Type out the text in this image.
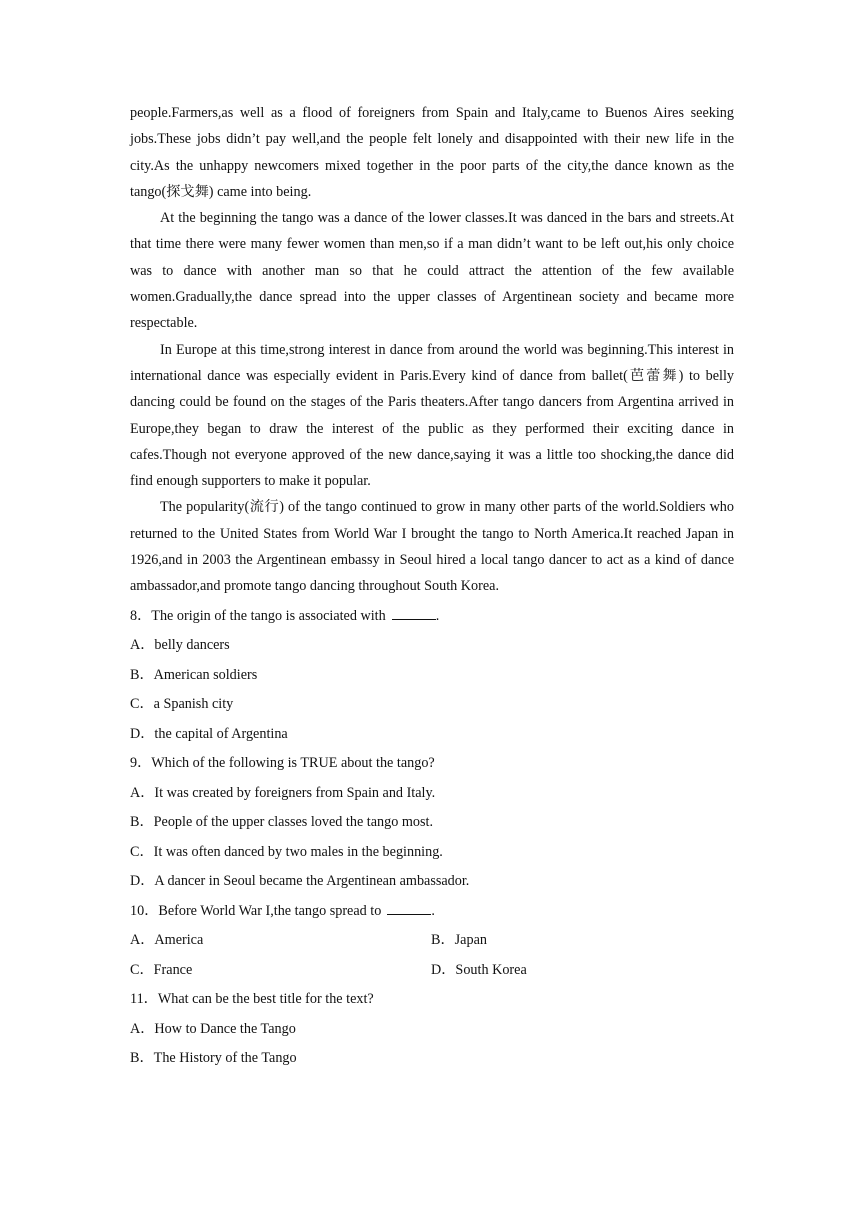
people.Farmers,as well as a flood of foreigners from Spain and Italy,came to Buenos Aires seeking jobs.These jobs didn’t pay well,and the people felt lonely and disappointed with their new life in the city.As the unhappy newcomers mixed together in the poor parts of the city,the dance known as the tango(探戈舞) came into being.

At the beginning the tango was a dance of the lower classes.It was danced in the bars and streets.At that time there were many fewer women than men,so if a man didn’t want to be left out,his only choice was to dance with another man so that he could attract the attention of the few available women.Gradually,the dance spread into the upper classes of Argentinean society and became more respectable.

In Europe at this time,strong interest in dance from around the world was beginning.This interest in international dance was especially evident in Paris.Every kind of dance from ballet(芭蕾舞) to belly dancing could be found on the stages of the Paris theaters.After tango dancers from Argentina arrived in Europe,they began to draw the interest of the public as they performed their exciting dance in cafes.Though not everyone approved of the new dance,saying it was a little too shocking,the dance did find enough supporters to make it popular.

The popularity(流行) of the tango continued to grow in many other parts of the world.Soldiers who returned to the United States from World War I brought the tango to North America.It reached Japan in 1926,and in 2003 the Argentinean embassy in Seoul hired a local tango dancer to act as a kind of dance ambassador,and promote tango dancing throughout South Korea.

8．The origin of the tango is associated with	.
A．belly dancers
B．American soldiers
C．a Spanish city
D．the capital of Argentina
9．Which of the following is TRUE about the tango?
A．It was created by foreigners from Spain and Italy.
B．People of the upper classes loved the tango most.
C．It was often danced by two males in the beginning.
D．A dancer in Seoul became the Argentinean ambassador.
10．Before World War I,the tango spread to	.
A．America	B．Japan
C．France	D．South Korea
11．What can be the best title for the text?
A．How to Dance the Tango
B．The History of the Tango
